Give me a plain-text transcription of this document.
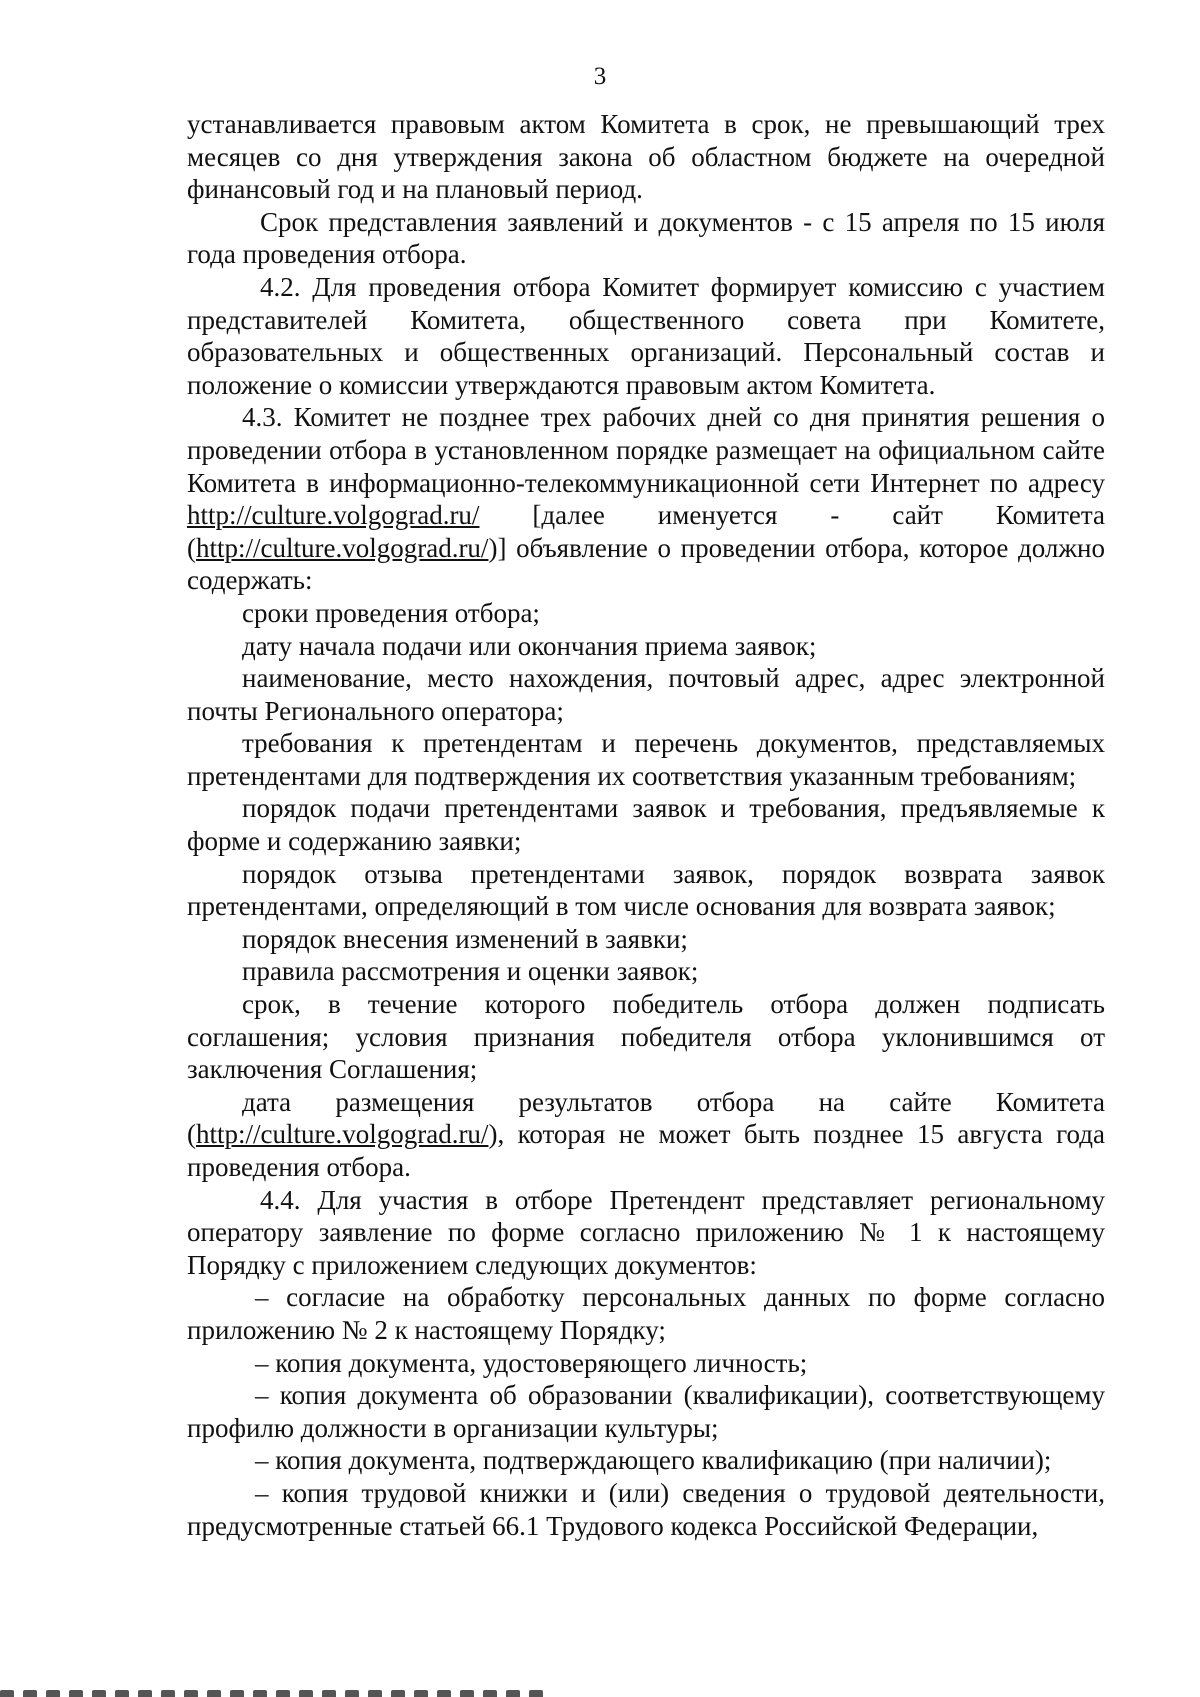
3

устанавливается правовым актом Комитета в срок, не превышающий трех месяцев со дня утверждения закона об областном бюджете на очередной финансовый год и на плановый период.

Срок представления заявлений и документов - с 15 апреля по 15 июля года проведения отбора.

4.2. Для проведения отбора Комитет формирует комиссию с участием представителей Комитета, общественного совета при Комитете, образовательных и общественных организаций. Персональный состав и положение о комиссии утверждаются правовым актом Комитета.

4.3. Комитет не позднее трех рабочих дней со дня принятия решения о проведении отбора в установленном порядке размещает на официальном сайте Комитета в информационно-телекоммуникационной сети Интернет по адресу http://culture.volgograd.ru/ [далее именуется - сайт Комитета (http://culture.volgograd.ru/)] объявление о проведении отбора, которое должно содержать:

сроки проведения отбора;

дату начала подачи или окончания приема заявок;

наименование, место нахождения, почтовый адрес, адрес электронной почты Регионального оператора;

требования к претендентам и перечень документов, представляемых претендентами для подтверждения их соответствия указанным требованиям;

порядок подачи претендентами заявок и требования, предъявляемые к форме и содержанию заявки;

порядок отзыва претендентами заявок, порядок возврата заявок претендентами, определяющий в том числе основания для возврата заявок;

порядок внесения изменений в заявки;

правила рассмотрения и оценки заявок;

срок, в течение которого победитель отбора должен подписать соглашения; условия признания победителя отбора уклонившимся от заключения Соглашения;

дата размещения результатов отбора на сайте Комитета (http://culture.volgograd.ru/), которая не может быть позднее 15 августа года проведения отбора.

4.4. Для участия в отборе Претендент представляет региональному оператору заявление по форме согласно приложению № 1 к настоящему Порядку с приложением следующих документов:

– согласие на обработку персональных данных по форме согласно приложению № 2 к настоящему Порядку;

– копия документа, удостоверяющего личность;

– копия документа об образовании (квалификации), соответствующему профилю должности в организации культуры;

– копия документа, подтверждающего квалификацию (при наличии);

– копия трудовой книжки и (или) сведения о трудовой деятельности, предусмотренные статьей 66.1 Трудового кодекса Российской Федерации,
